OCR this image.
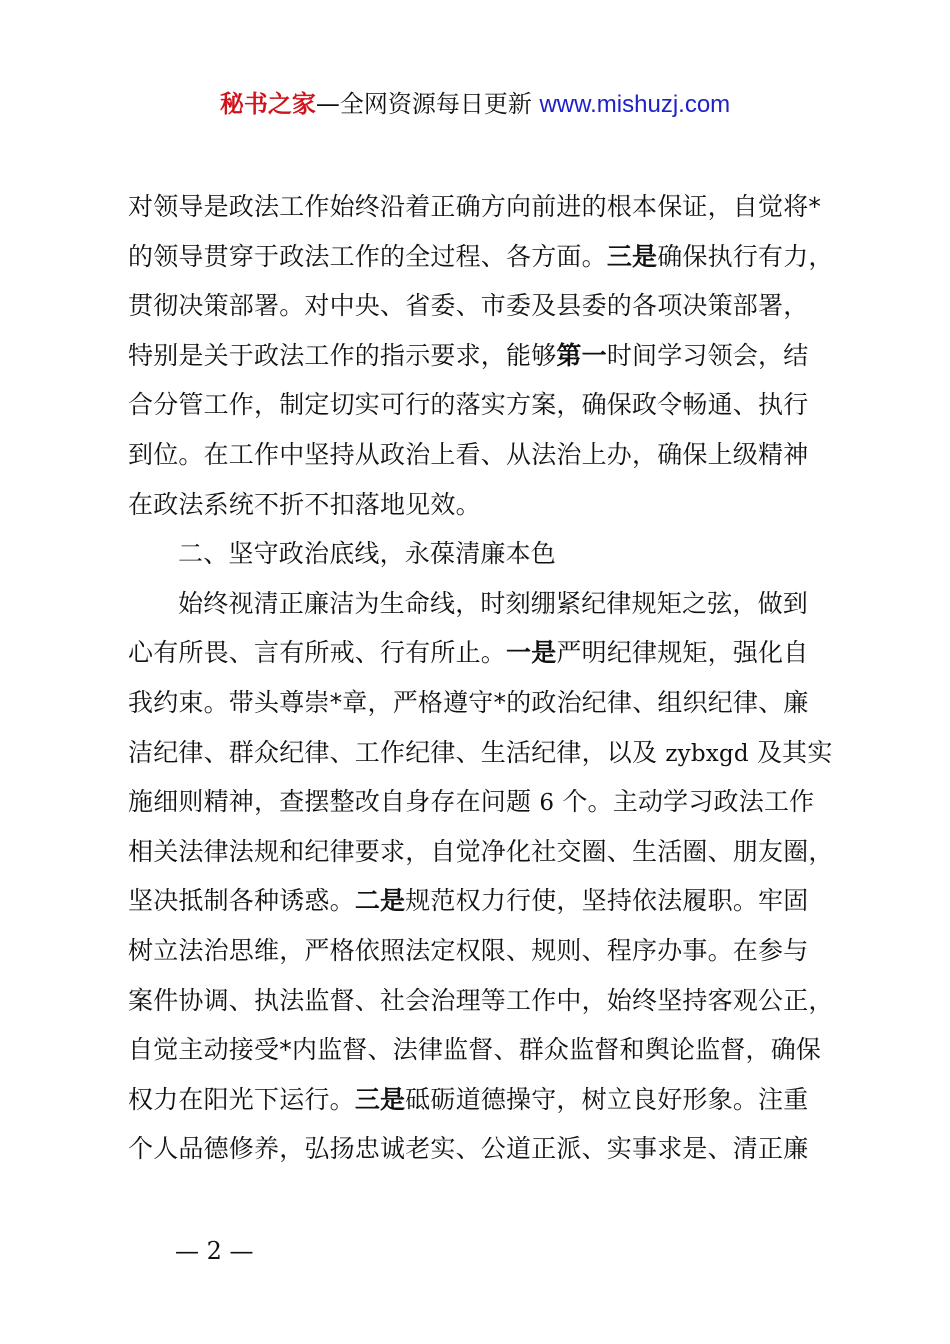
秘书之家—全网资源每日更新 www.mishuzj.com
对领导是政法工作始终沿着正确方向前进的根本保证，自觉将*
的领导贯穿于政法工作的全过程、各方面。三是确保执行有力，
贯彻决策部署。对中央、省委、市委及县委的各项决策部署，
特别是关于政法工作的指示要求，能够第一时间学习领会，结
合分管工作，制定切实可行的落实方案，确保政令畅通、执行
到位。在工作中坚持从政治上看、从法治上办，确保上级精神
在政法系统不折不扣落地见效。
二、坚守政治底线，永葆清廉本色
始终视清正廉洁为生命线，时刻绷紧纪律规矩之弦，做到
心有所畏、言有所戒、行有所止。一是严明纪律规矩，强化自
我约束。带头尊崇*章，严格遵守*的政治纪律、组织纪律、廉
洁纪律、群众纪律、工作纪律、生活纪律，以及 zybxgd 及其实
施细则精神，查摆整改自身存在问题 6 个。主动学习政法工作
相关法律法规和纪律要求，自觉净化社交圈、生活圈、朋友圈，
坚决抵制各种诱惑。二是规范权力行使，坚持依法履职。牢固
树立法治思维，严格依照法定权限、规则、程序办事。在参与
案件协调、执法监督、社会治理等工作中，始终坚持客观公正，
自觉主动接受*内监督、法律监督、群众监督和舆论监督，确保
权力在阳光下运行。三是砥砺道德操守，树立良好形象。注重
个人品德修养，弘扬忠诚老实、公道正派、实事求是、清正廉
— 2 —
